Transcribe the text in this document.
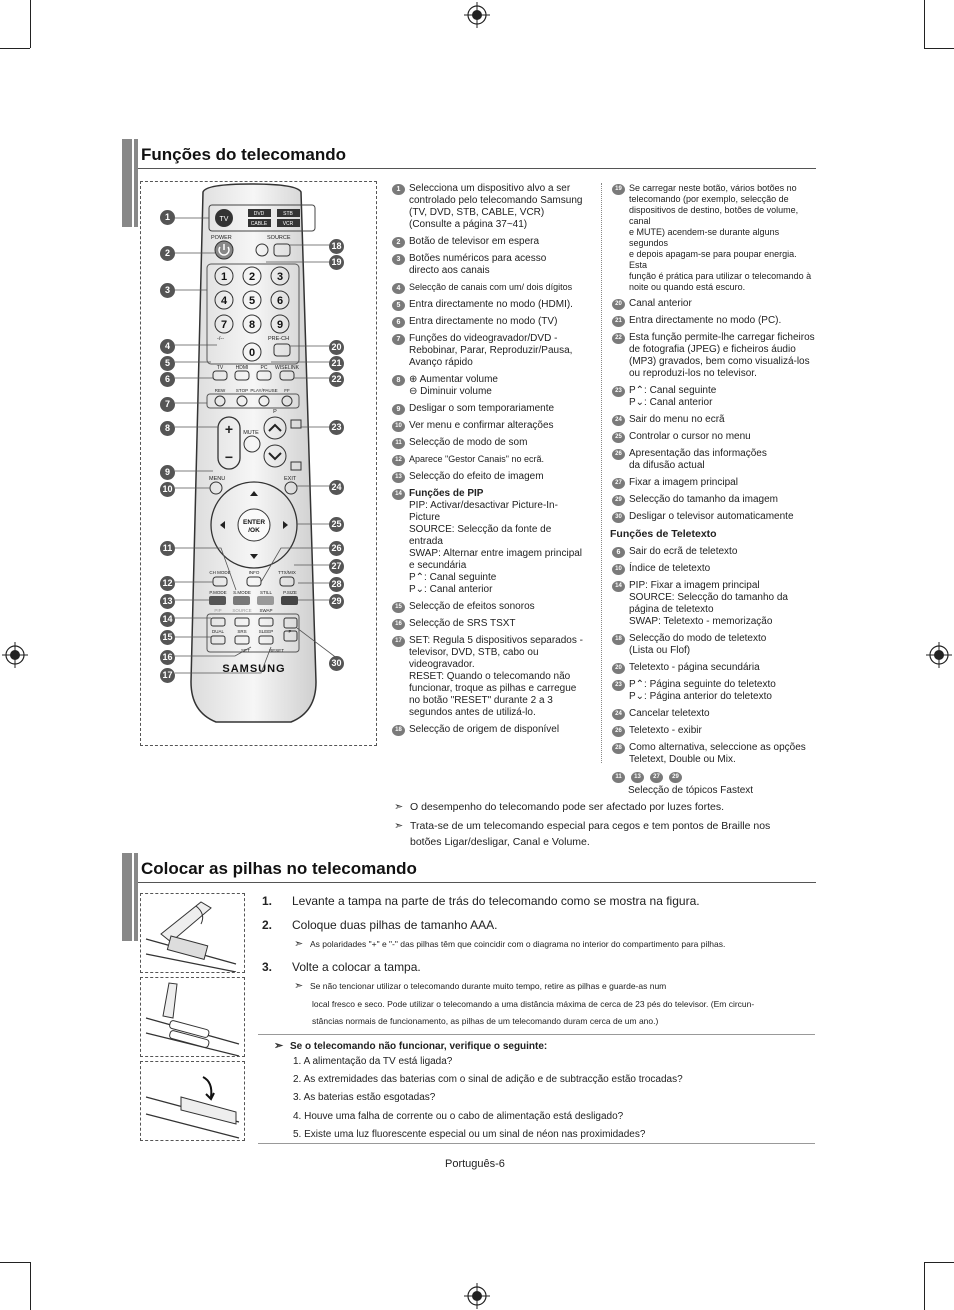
Funções do telecomando
TV
DVD	STB
CABLE	VCR
POWER	SOURCE
1 2 3
4 5 6
7 8 9
0
-/--	PRE-CH
TV HDMI PC WISELINK
REW STOP PLAY/PAUSE FF
+
−
MUTE
P
MENU	EXIT
ENTER
/OK
CH MODE	INFO	TTX/MIX
P.MODE S.MODE STILL P.SIZE
PIP SOURCE SWAP
DUAL	SRS	SLEEP	P
SET	RESET
SAMSUNG
1
2
3
4
5
6
7
8
9
10
11
12
13
14
15
16
17
18
19
20
21
22
23
24
25
26
27
28
29
30
1 Selecciona um dispositivo alvo a ser
controlado pelo telecomando Samsung
(TV, DVD, STB, CABLE, VCR)
(Consulte a página 37~41)
2 Botão de televisor em espera
3 Botões numéricos para acesso
directo aos canais
4 Selecção de canais com um/ dois dígitos
5 Entra directamente no modo (HDMI).
6 Entra directamente no modo (TV)
7 Funções do videogravador/DVD -
Rebobinar, Parar, Reproduzir/Pausa,
Avanço rápido
8 ⊕ Aumentar volume
⊖ Diminuir volume
9 Desligar o som temporariamente
10 Ver menu e confirmar alterações
11 Selecção de modo de som
12 Aparece "Gestor Canais" no ecrã.
13 Selecção do efeito de imagem
14 Funções de PIP
PIP: Activar/desactivar Picture-In-
Picture
SOURCE: Selecção da fonte de
entrada
SWAP: Alternar entre imagem principal
e secundária
P⌃: Canal seguinte
P⌄: Canal anterior
15 Selecção de efeitos sonoros
16 Selecção de SRS TSXT
17 SET: Regula 5 dispositivos separados -
televisor, DVD, STB, cabo ou
videogravador.
RESET: Quando o telecomando não
funcionar, troque as pilhas e carregue
no botão "RESET" durante 2 a 3
segundos antes de utilizá-lo.
18 Selecção de origem de disponível
19 Se carregar neste botão, vários botões no
telecomando (por exemplo, selecção de
dispositivos de destino, botões de volume, canal
e MUTE) acendem-se durante alguns segundos
e depois apagam-se para poupar energia. Esta
função é prática para utilizar o telecomando à
noite ou quando está escuro.
20 Canal anterior
21 Entra directamente no modo (PC).
22 Esta função permite-lhe carregar ficheiros
de fotografia (JPEG) e ficheiros áudio
(MP3) gravados, bem como visualizá-los
ou reproduzi-los no televisor.
23 P⌃: Canal seguinte
P⌄: Canal anterior
24 Sair do menu no ecrã
25 Controlar o cursor no menu
26 Apresentação das informações
da difusão actual
27 Fixar a imagem principal
29 Selecção do tamanho da imagem
30 Desligar o televisor automaticamente
Funções de Teletexto
6 Sair do ecrã de teletexto
10 Índice de teletexto
14 PIP: Fixar a imagem principal
SOURCE: Selecção do tamanho da
página de teletexto
SWAP: Teletexto - memorização
18 Selecção do modo de teletexto
(Lista ou Flof)
20 Teletexto - página secundária
23 P⌃: Página seguinte do teletexto
P⌄: Página anterior do teletexto
24 Cancelar teletexto
26 Teletexto - exibir
28 Como alternativa, seleccione as opções
Teletext, Double ou Mix.
11	13	27	29
Selecção de tópicos Fastext
➣ O desempenho do telecomando pode ser afectado por luzes fortes.
➣ Trata-se de um telecomando especial para cegos e tem pontos de Braille nos
botões Ligar/desligar, Canal e Volume.
Colocar as pilhas no telecomando
1.	Levante a tampa na parte de trás do telecomando como se mostra na figura.
2.	Coloque duas pilhas de tamanho AAA.
➣ As polaridades "+" e "-" das pilhas têm que coincidir com o diagrama no interior do compartimento para pilhas.
3.	Volte a colocar a tampa.
➣ Se não tencionar utilizar o telecomando durante muito tempo, retire as pilhas e guarde-as num
local fresco e seco. Pode utilizar o telecomando a uma distância máxima de cerca de 23 pés do televisor. (Em circun-
stâncias normais de funcionamento, as pilhas de um telecomando duram cerca de um ano.)
➣ Se o telecomando não funcionar, verifique o seguinte:
1. A alimentação da TV está ligada?
2. As extremidades das baterias com o sinal de adição e de subtracção estão trocadas?
3. As baterias estão esgotadas?
4. Houve uma falha de corrente ou o cabo de alimentação está desligado?
5. Existe uma luz fluorescente especial ou um sinal de néon nas proximidades?
Português-6
